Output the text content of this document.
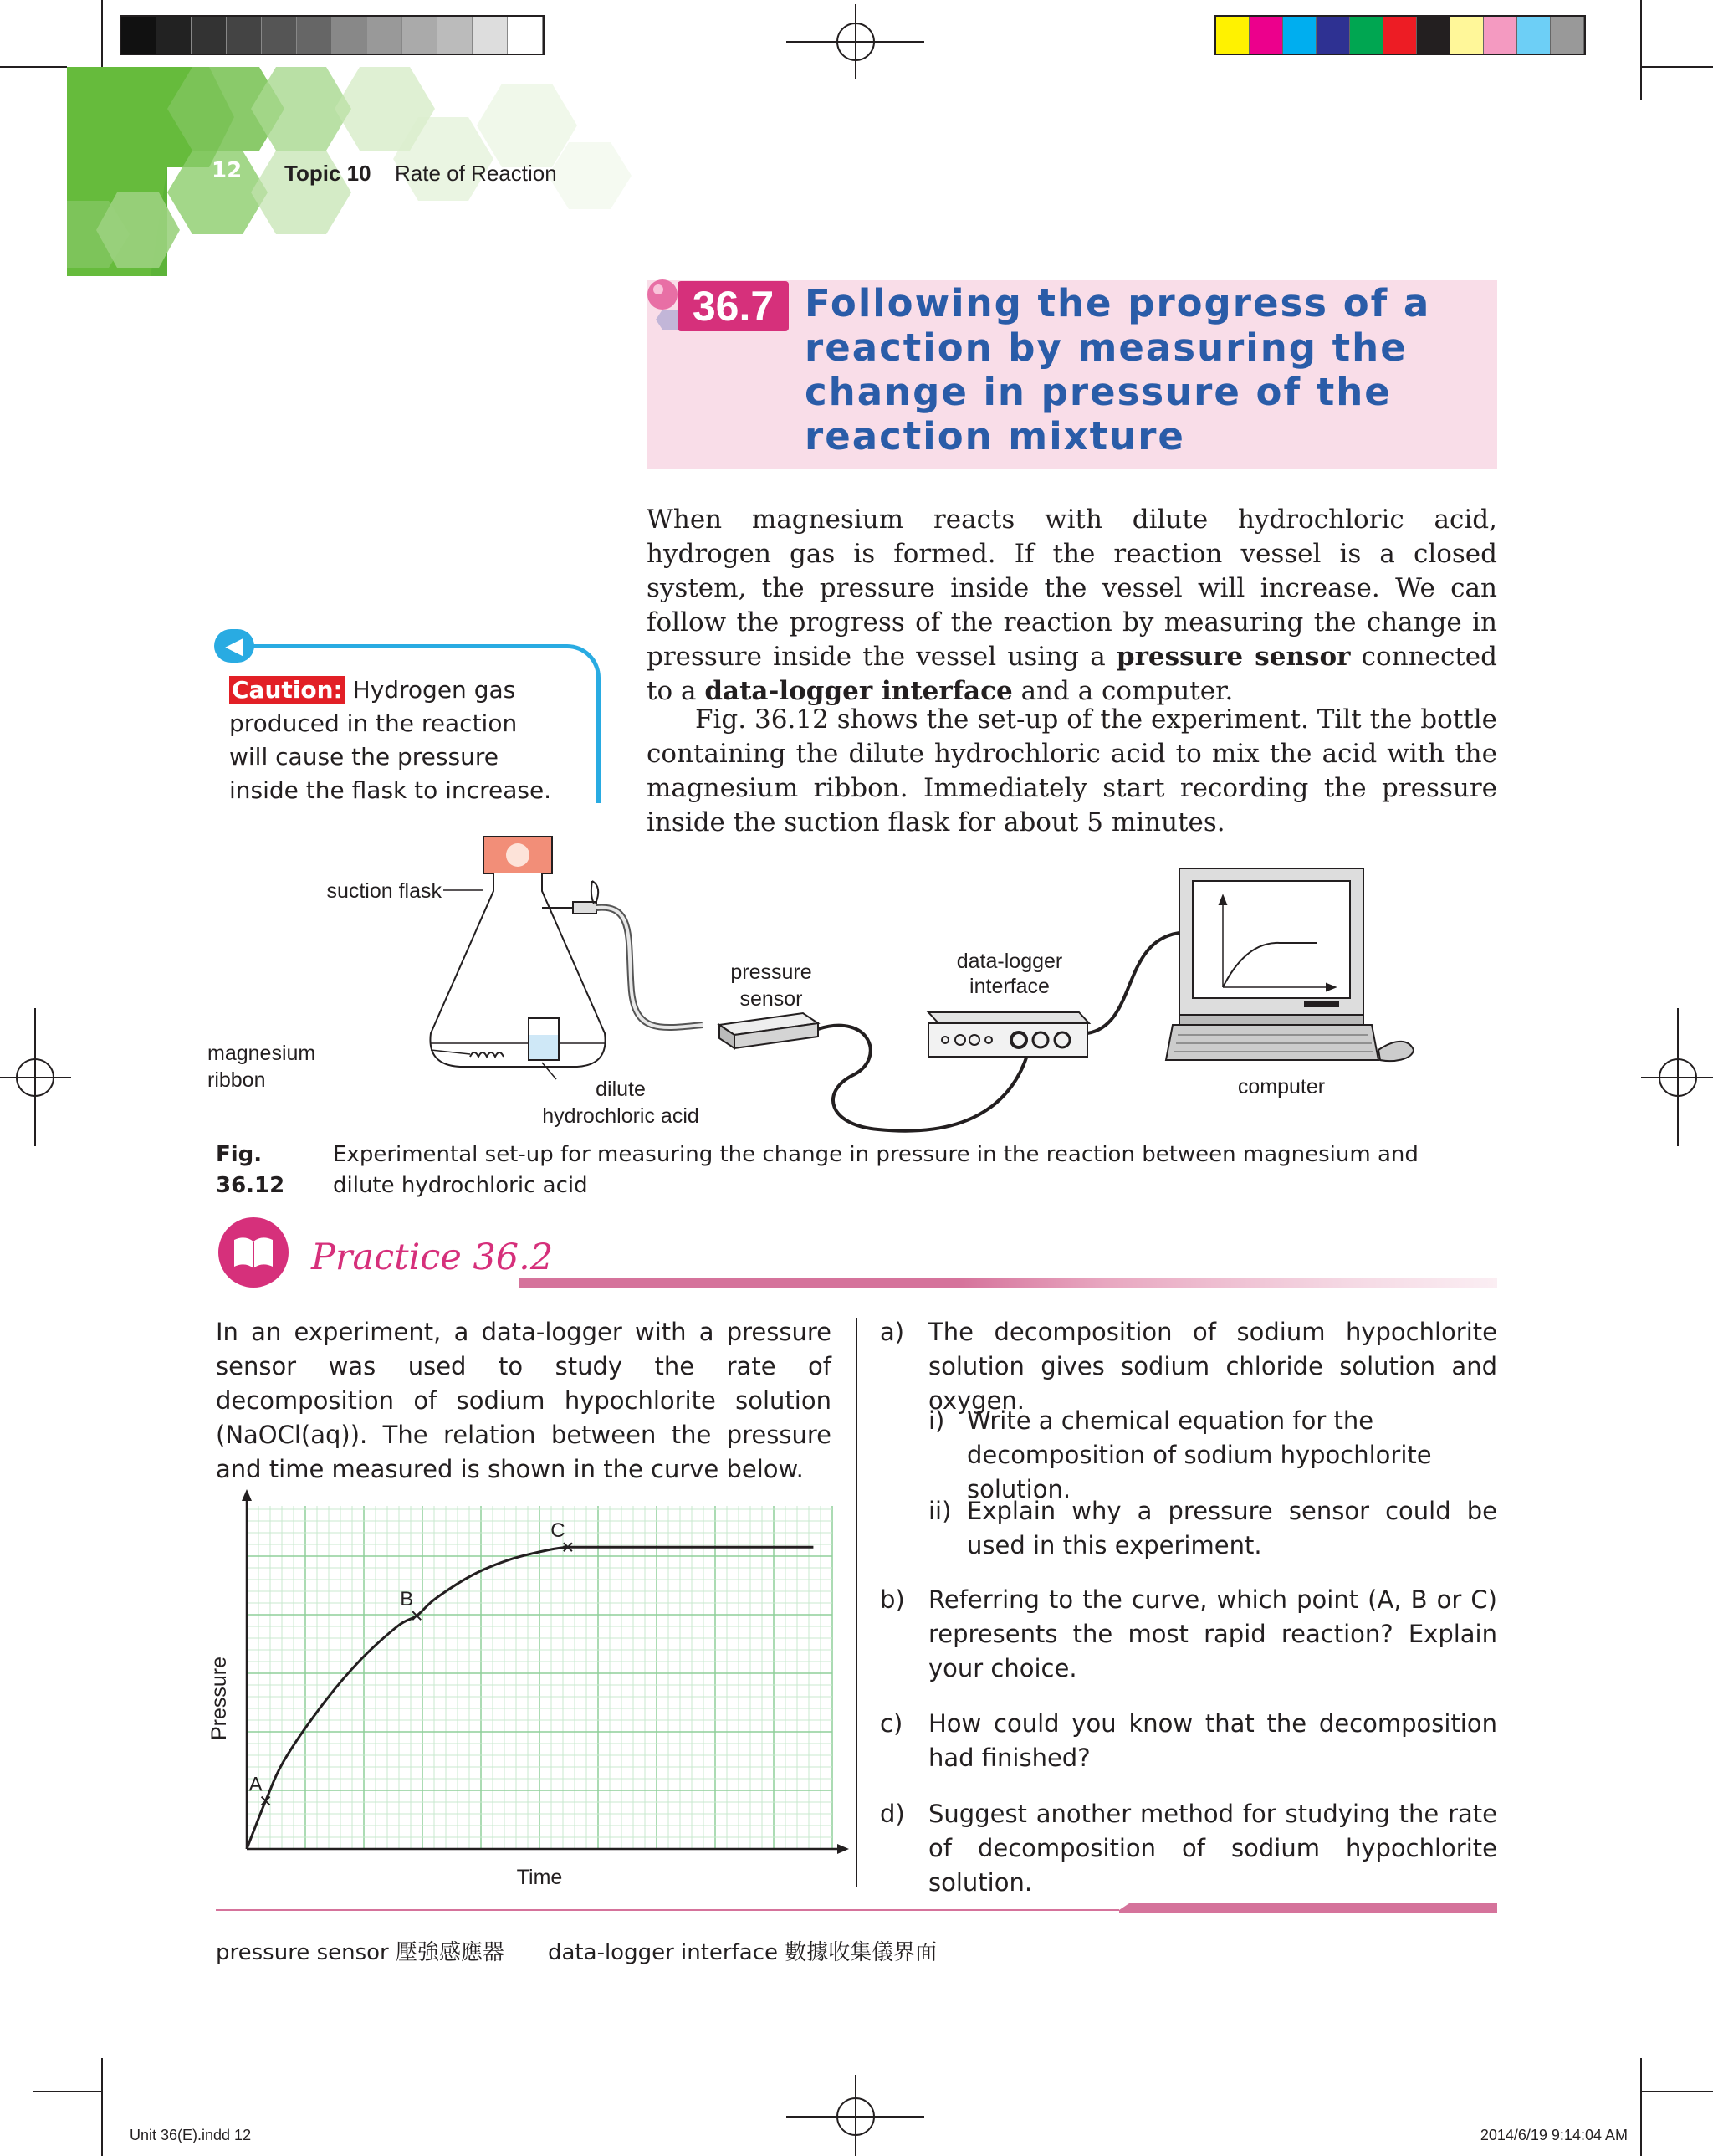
12 Topic 10 Rate of Reaction
36.7 Following the progress of a
reaction by measuring the
change in pressure of the
reaction mixture
When magnesium reacts with dilute hydrochloric acid, hydrogen gas is formed. If the reaction vessel is a closed system, the pressure inside the vessel will increase. We can follow the progress of the reaction by measuring the change in pressure inside the vessel using a pressure sensor connected to a data-logger interface and a computer.
Fig. 36.12 shows the set-up of the experiment. Tilt the bottle containing the dilute hydrochloric acid to mix the acid with the magnesium ribbon. Immediately start recording the pressure inside the suction flask for about 5 minutes.
◀
Caution: Hydrogen gas produced in the reaction will cause the pressure inside the flask to increase.
suction flask
magnesium
ribbon	dilute
hydrochloric acid
pressure
sensor
data-logger
interface
computer
Fig. 36.12Experimental set-up for measuring the change in pressure in the reaction between magnesium and dilute hydrochloric acid
Practice 36.2
In an experiment, a data-logger with a pressure sensor was used to study the rate of decomposition of sodium hypochlorite solution (NaOCl(aq)). The relation between the pressure and time measured is shown in the curve below.
a) The decomposition of sodium hypochlorite solution gives sodium chloride solution and oxygen.
i) Write a chemical equation for the decomposition of sodium hypochlorite solution.
ii) Explain why a pressure sensor could be used in this experiment.
b) Referring to the curve, which point (A, B or C) represents the most rapid reaction? Explain your choice.
c) How could you know that the decomposition had finished?
d) Suggest another method for studying the rate of decomposition of sodium hypochlorite solution.
A
B
C
Time
Pressure
pressure sensor 壓強感應器 data-logger interface 數據收集儀界面
Unit 36(E).indd 12	2014/6/19 9:14:04 AM
